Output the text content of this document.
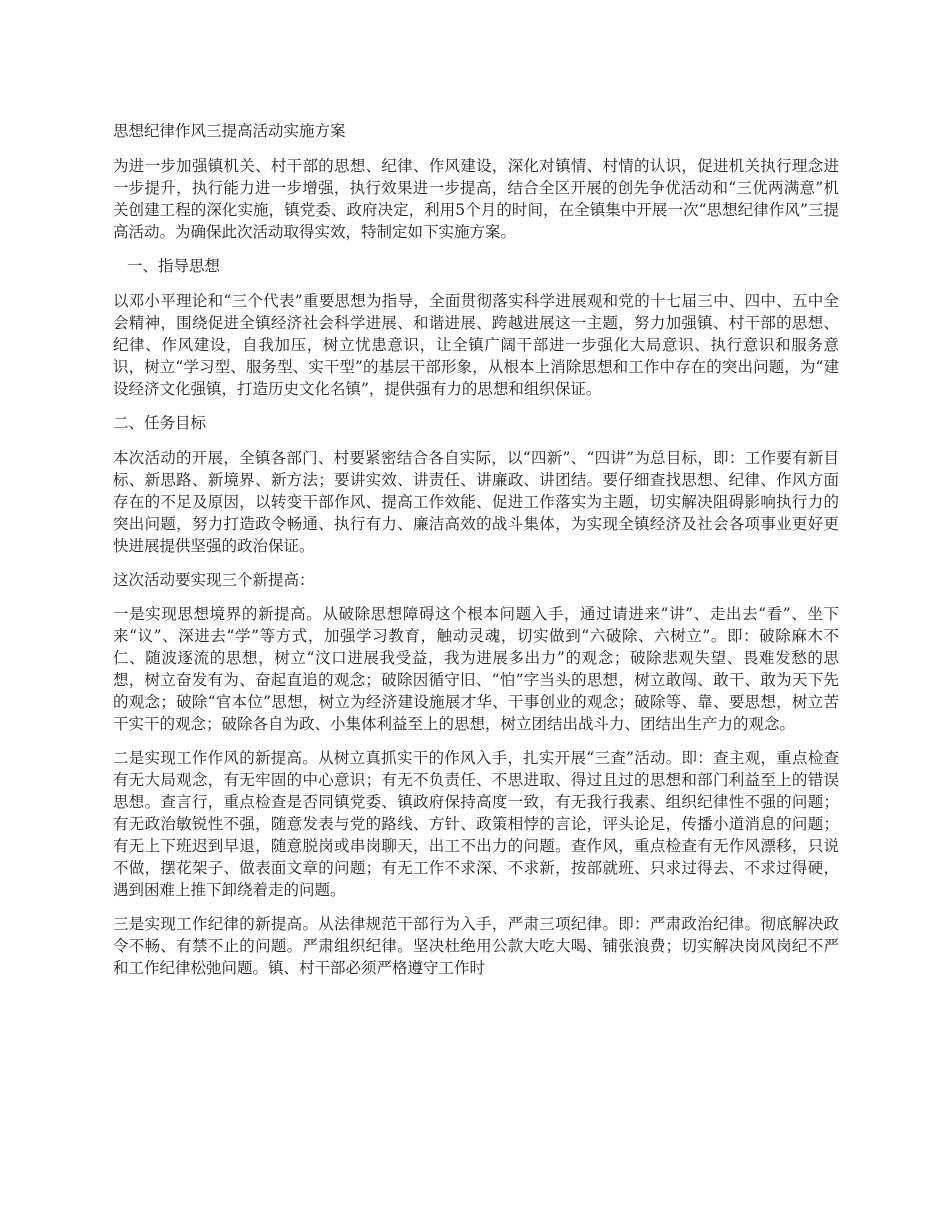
思想纪律作风三提高活动实施方案

为进一步加强镇机关、村干部的思想、纪律、作风建设，深化对镇情、村情的认识，促进机关执行理念进一步提升，执行能力进一步增强，执行效果进一步提高，结合全区开展的创先争优活动和“三优两满意”机关创建工程的深化实施，镇党委、政府决定，利用5个月的时间，在全镇集中开展一次“思想纪律作风”三提高活动。为确保此次活动取得实效，特制定如下实施方案。

一、指导思想

以邓小平理论和“三个代表”重要思想为指导，全面贯彻落实科学进展观和党的十七届三中、四中、五中全会精神，围绕促进全镇经济社会科学进展、和谐进展、跨越进展这一主题，努力加强镇、村干部的思想、纪律、作风建设，自我加压，树立忧患意识，让全镇广阔干部进一步强化大局意识、执行意识和服务意识，树立“学习型、服务型、实干型”的基层干部形象，从根本上消除思想和工作中存在的突出问题，为“建设经济文化强镇，打造历史文化名镇”，提供强有力的思想和组织保证。

二、任务目标

本次活动的开展，全镇各部门、村要紧密结合各自实际，以“四新”、“四讲”为总目标，即：工作要有新目标、新思路、新境界、新方法；要讲实效、讲责任、讲廉政、讲团结。要仔细查找思想、纪律、作风方面存在的不足及原因，以转变干部作风、提高工作效能、促进工作落实为主题，切实解决阻碍影响执行力的突出问题，努力打造政令畅通、执行有力、廉洁高效的战斗集体，为实现全镇经济及社会各项事业更好更快进展提供坚强的政治保证。

这次活动要实现三个新提高：

一是实现思想境界的新提高。从破除思想障碍这个根本问题入手，通过请进来“讲”、走出去“看”、坐下来“议”、深进去“学”等方式，加强学习教育，触动灵魂，切实做到“六破除、六树立”。即：破除麻木不仁、随波逐流的思想，树立“汶口进展我受益，我为进展多出力”的观念；破除悲观失望、畏难发愁的思想，树立奋发有为、奋起直追的观念；破除因循守旧、“怕”字当头的思想，树立敢闯、敢干、敢为天下先的观念；破除“官本位”思想，树立为经济建设施展才华、干事创业的观念；破除等、靠、要思想，树立苦干实干的观念；破除各自为政、小集体利益至上的思想，树立团结出战斗力、团结出生产力的观念。

二是实现工作作风的新提高。从树立真抓实干的作风入手，扎实开展“三查”活动。即：查主观，重点检查有无大局观念，有无牢固的中心意识；有无不负责任、不思进取、得过且过的思想和部门利益至上的错误思想。查言行，重点检查是否同镇党委、镇政府保持高度一致，有无我行我素、组织纪律性不强的问题；有无政治敏锐性不强，随意发表与党的路线、方针、政策相悖的言论，评头论足，传播小道消息的问题；有无上下班迟到早退，随意脱岗或串岗聊天，出工不出力的问题。查作风，重点检查有无作风漂移，只说不做，摆花架子、做表面文章的问题；有无工作不求深、不求新，按部就班、只求过得去、不求过得硬，遇到困难上推下卸绕着走的问题。

三是实现工作纪律的新提高。从法律规范干部行为入手，严肃三项纪律。即：严肃政治纪律。彻底解决政令不畅、有禁不止的问题。严肃组织纪律。坚决杜绝用公款大吃大喝、铺张浪费；切实解决岗风岗纪不严和工作纪律松弛问题。镇、村干部必须严格遵守工作时
